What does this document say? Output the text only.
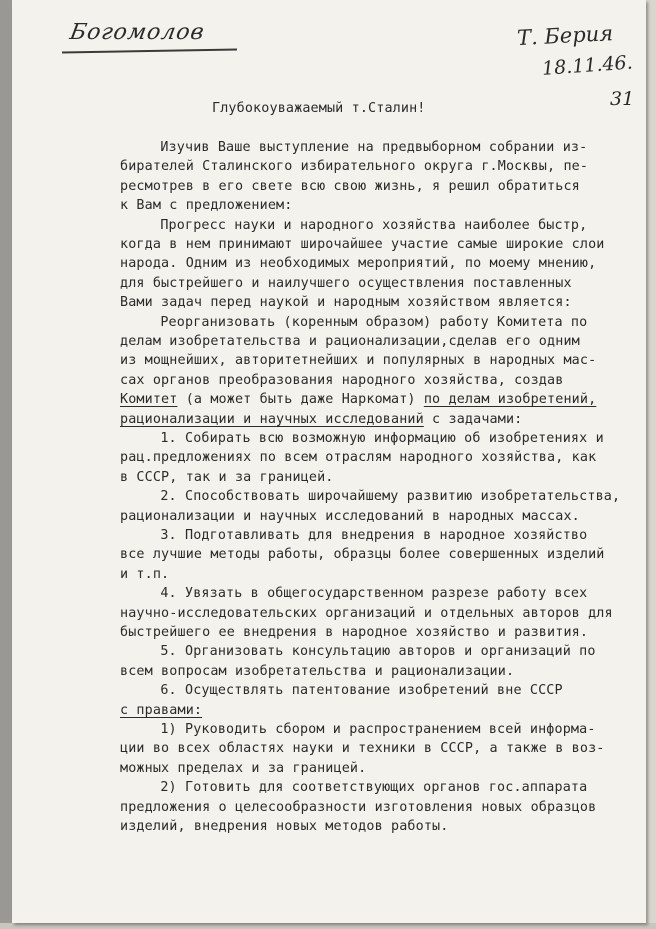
Богомолов	Т. Берия
18.11.46.
31
Глубокоуважаемый т.Сталин!
Изучив Ваше выступление на предвыборном собрании из-
бирателей Сталинского избирательного округа г.Москвы, пе-
ресмотрев в его свете всю свою жизнь, я решил обратиться
к Вам с предложением:
Прогресс науки и народного хозяйства наиболее быстр,
когда в нем принимают широчайшее участие самые широкие слои
народа. Одним из необходимых мероприятий, по моему мнению,
для быстрейшего и наилучшего осуществления поставленных
Вами задач перед наукой и народным хозяйством является:
Реорганизовать (коренным образом) работу Комитета по
делам изобретательства и рационализации,сделав его одним
из мощнейших, авторитетнейших и популярных в народных мас-
сах органов преобразования народного хозяйства, создав
Комитет (а может быть даже Наркомат) по делам изобретений,
рационализации и научных исследований с задачами:
1. Собирать всю возможную информацию об изобретениях и
рац.предложениях по всем отраслям народного хозяйства, как
в СССР, так и за границей.
2. Способствовать широчайшему развитию изобретательства,
рационализации и научных исследований в народных массах.
3. Подготавливать для внедрения в народное хозяйство
все лучшие методы работы, образцы более совершенных изделий
и т.п.
4. Увязать в общегосударственном разрезе работу всех
научно-исследовательских организаций и отдельных авторов для
быстрейшего ее внедрения в народное хозяйство и развития.
5. Организовать консультацию авторов и организаций по
всем вопросам изобретательства и рационализации.
6. Осуществлять патентование изобретений вне СССР
с правами:
1) Руководить сбором и распространением всей информа-
ции во всех областях науки и техники в СССР, а также в воз-
можных пределах и за границей.
2) Готовить для соответствующих органов гос.аппарата
предложения о целесообразности изготовления новых образцов
изделий, внедрения новых методов работы.
